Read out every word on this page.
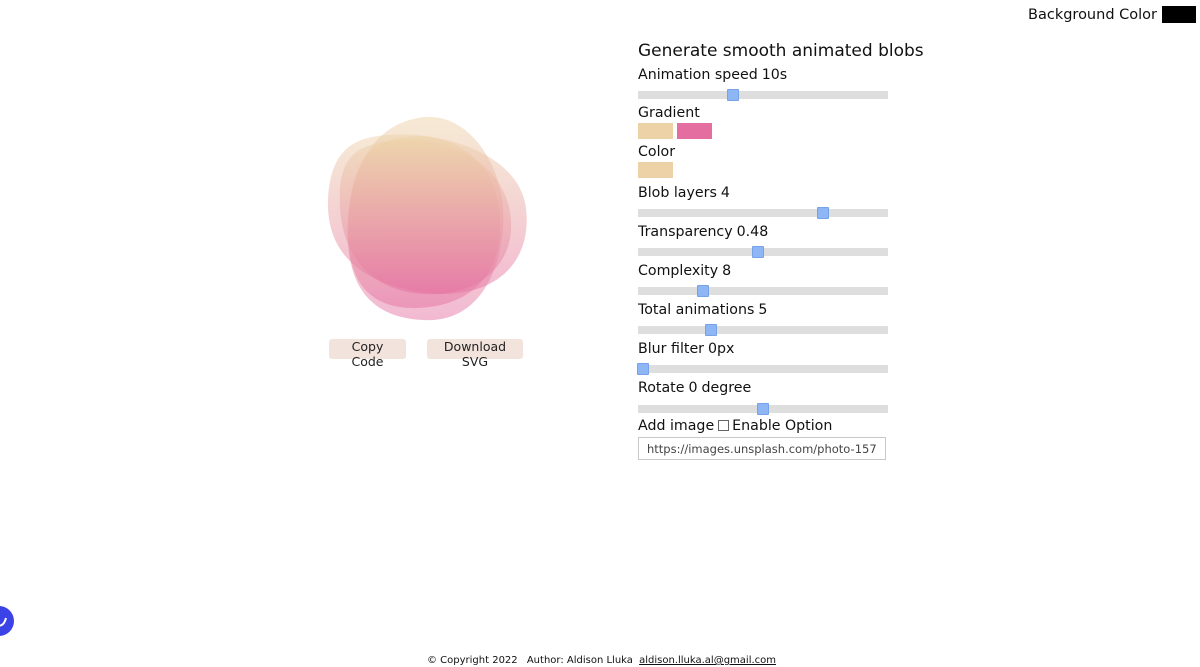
Background Color
Copy Code
Download SVG
Generate smooth animated blobs
Animation speed 10s
Gradient
Color
Blob layers 4
Transparency 0.48
Complexity 8
Total animations 5
Blur filter 0px
Rotate 0 degree
Add image Enable Option
https://images.unsplash.com/photo-1574158
© Copyright 2022 Author: Aldison Lluka aldison.lluka.al@gmail.com
